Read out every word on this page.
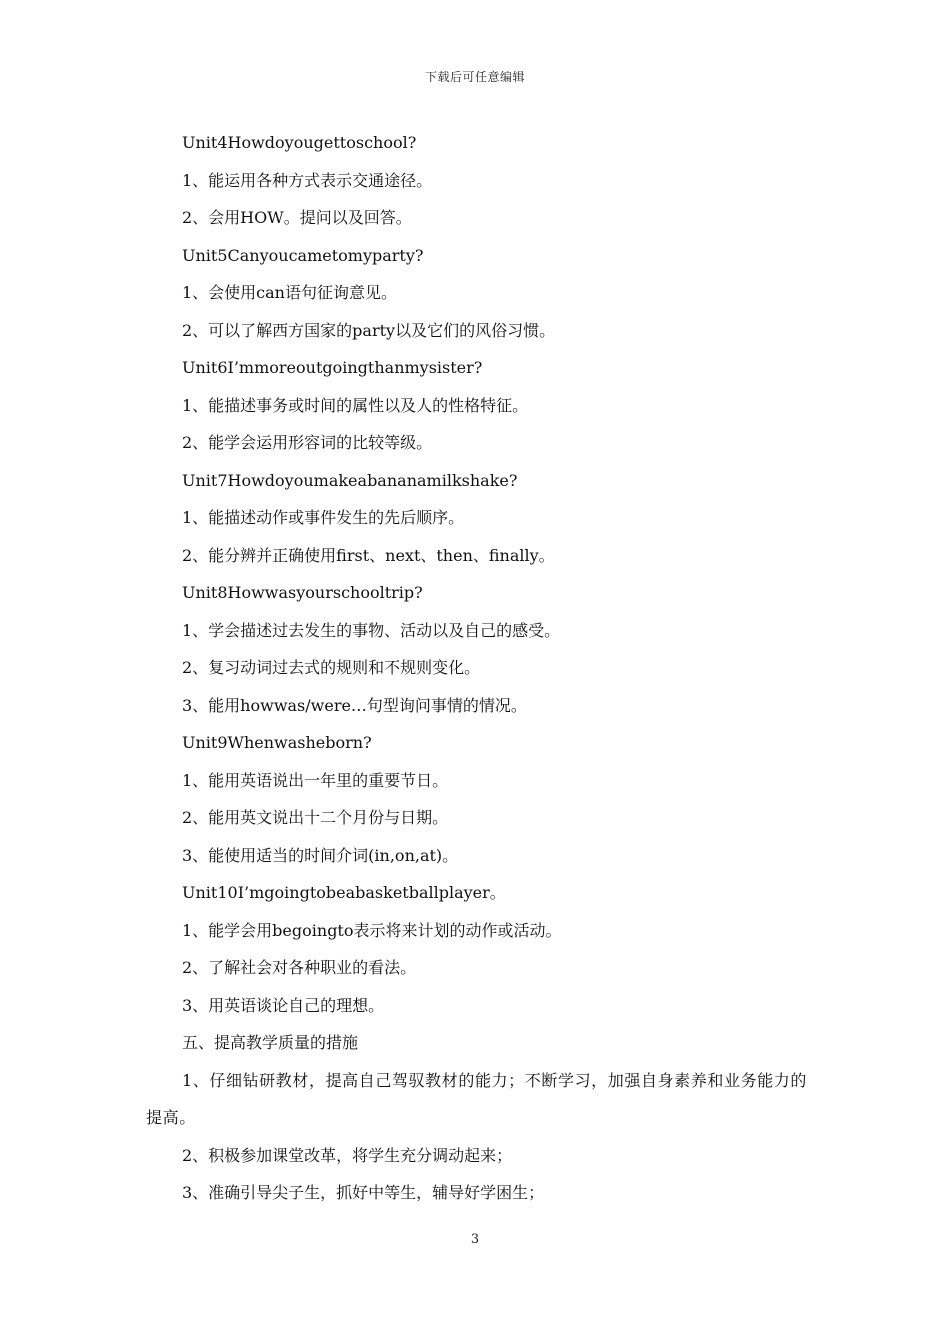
下载后可任意编辑
Unit4Howdoyougettoschool?
1、能运用各种方式表示交通途径。
2、会用HOW。提问以及回答。
Unit5Canyoucametomyparty?
1、会使用can语句征询意见。
2、可以了解西方国家的party以及它们的风俗习惯。
Unit6I’mmoreoutgoingthanmysister?
1、能描述事务或时间的属性以及人的性格特征。
2、能学会运用形容词的比较等级。
Unit7Howdoyoumakeabananamilkshake?
1、能描述动作或事件发生的先后顺序。
2、能分辨并正确使用first、next、then、finally。
Unit8Howwasyourschooltrip?
1、学会描述过去发生的事物、活动以及自己的感受。
2、复习动词过去式的规则和不规则变化。
3、能用howwas/were…句型询问事情的情况。
Unit9Whenwasheborn?
1、能用英语说出一年里的重要节日。
2、能用英文说出十二个月份与日期。
3、能使用适当的时间介词(in,on,at)。
Unit10I’mgoingtobeabasketballplayer。
1、能学会用begoingto表示将来计划的动作或活动。
2、了解社会对各种职业的看法。
3、用英语谈论自己的理想。
五、提高教学质量的措施
1、仔细钻研教材，提高自己驾驭教材的能力；不断学习，加强自身素养和业务能力的提高。
2、积极参加课堂改革，将学生充分调动起来；
3、准确引导尖子生，抓好中等生，辅导好学困生；
3
